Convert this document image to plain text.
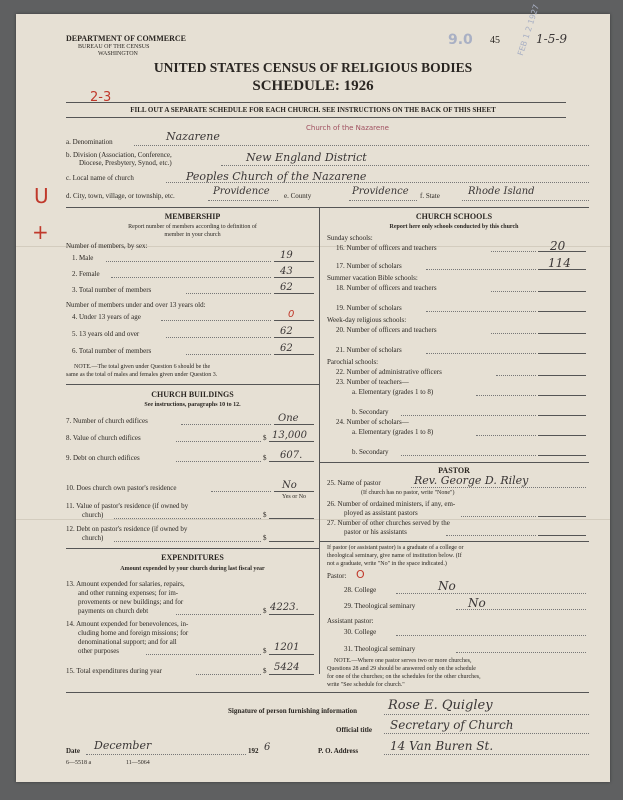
DEPARTMENT OF COMMERCE
BUREAU OF THE CENSUS
WASHINGTON
9.0 45 FEB 1 2 1927
1-5-9
UNITED STATES CENSUS OF RELIGIOUS BODIES
SCHEDULE: 1926
2-3
FILL OUT A SEPARATE SCHEDULE FOR EACH CHURCH. SEE INSTRUCTIONS ON THE BACK OF THIS SHEET
U
+
a. Denomination	Nazarene
Church of the Nazarene
b. Division (Association, Conference,
Diocese, Presbytery, Synod, etc.)	New England District
c. Local name of church	Peoples Church of the Nazarene
d. City, town, village, or township, etc.	Providence e. County	Providence f. State	Rhode Island
MEMBERSHIP
Report number of members according to definition of
member in your church
Number of members, by sex:
1. Male	19
2. Female	43
3. Total number of members	62
Number of members under and over 13 years old:
4. Under 13 years of age	0
5. 13 years old and over	62
6. Total number of members	62
NOTE.—The total given under Question 6 should be the
same as the total of males and females given under Question 3.
CHURCH BUILDINGS
See instructions, paragraphs 10 to 12.
7. Number of church edifices	One
8. Value of church edifices	$ 13,000
9. Debt on church edifices	$ 607.
10. Does church own pastor's residence	No
Yes or No
11. Value of pastor's residence (if owned by
church)	$
12. Debt on pastor's residence (if owned by
church)	$
EXPENDITURES
Amount expended by your church during last fiscal year
13. Amount expended for salaries, repairs,
and other running expenses; for im-
provements or new buildings; and for
payments on church debt	$ 4223.
14. Amount expended for benevolences, in-
cluding home and foreign missions; for
denominational support; and for all
other purposes	$ 1201
15. Total expenditures during year	$ 5424
CHURCH SCHOOLS
Report here only schools conducted by this church
Sunday schools:
16. Number of officers and teachers	20
17. Number of scholars	114
Summer vacation Bible schools:
18. Number of officers and teachers
19. Number of scholars
Week-day religious schools:
20. Number of officers and teachers
21. Number of scholars
Parochial schools:
22. Number of administrative officers
23. Number of teachers—
a. Elementary (grades 1 to 8)
b. Secondary
24. Number of scholars—
a. Elementary (grades 1 to 8)
b. Secondary
PASTOR
25. Name of pastor	Rev. George D. Riley
(If church has no pastor, write "None")
26. Number of ordained ministers, if any, em-
ployed as assistant pastors
27. Number of other churches served by the
pastor or his assistants
If pastor (or assistant pastor) is a graduate of a college or
theological seminary, give name of institution below. (If
not a graduate, write "No" in the space indicated.)
Pastor: O
28. College	No
29. Theological seminary	No
Assistant pastor:
30. College
31. Theological seminary
NOTE.—Where one pastor serves two or more churches,
Questions 28 and 29 should be answered only on the schedule
for one of the churches; on the schedules for the other churches,
write "See schedule for church."
Signature of person furnishing information Rose E. Quigley
Official title Secretary of Church
Date December	192 6	P. O. Address	14 Van Buren St.
6—5518 a	11—5064
